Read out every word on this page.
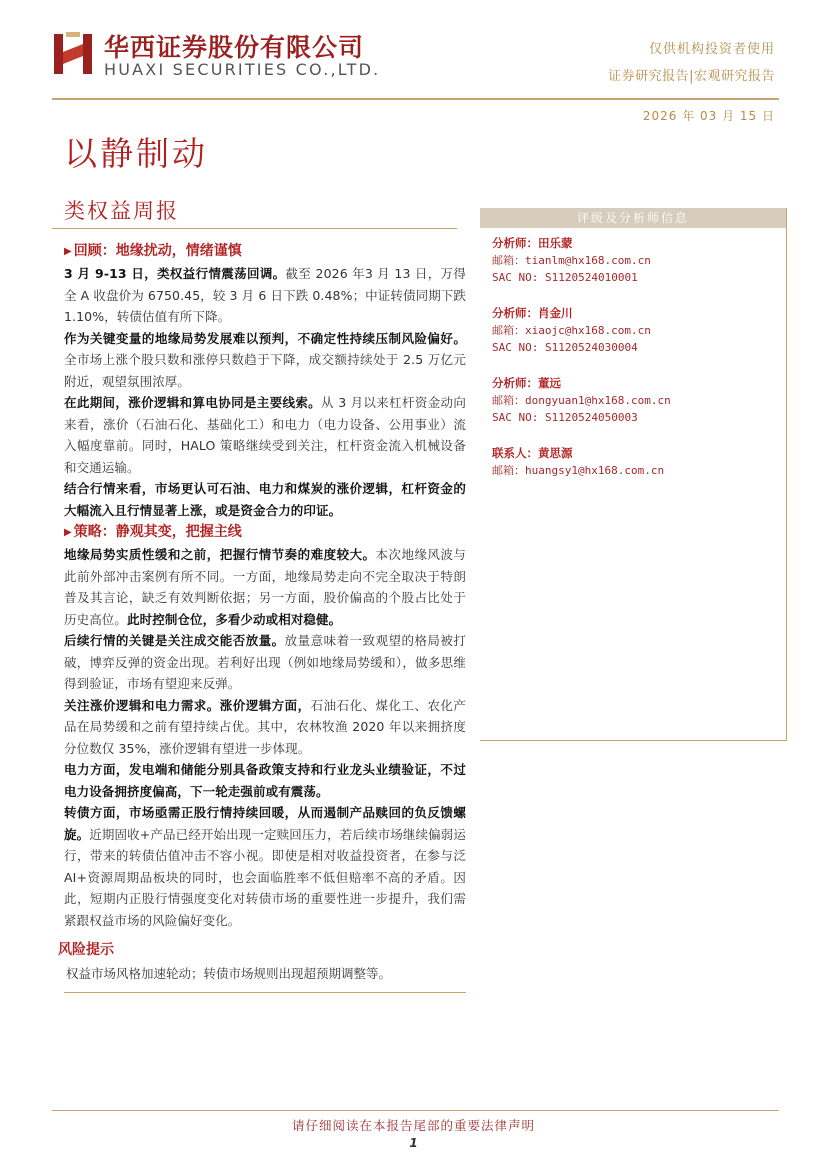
华西证券股份有限公司
HUAXI SECURITIES CO.,LTD.
仅供机构投资者使用
证券研究报告|宏观研究报告
2026 年 03 月 15 日
以静制动
类权益周报

▶ 回顾：地缘扰动，情绪谨慎

3 月 9-13 日，类权益行情震荡回调。截至 2026 年3 月 13 日，万得全 A 收盘价为 6750.45，较 3 月 6 日下跌 0.48%；中证转债同期下跌 1.10%，转债估值有所下降。

作为关键变量的地缘局势发展难以预判，不确定性持续压制风险偏好。全市场上涨个股只数和涨停只数趋于下降，成交额持续处于 2.5 万亿元附近，观望氛围浓厚。

在此期间，涨价逻辑和算电协同是主要线索。从 3 月以来杠杆资金动向来看，涨价（石油石化、基础化工）和电力（电力设备、公用事业）流入幅度靠前。同时，HALO 策略继续受到关注，杠杆资金流入机械设备和交通运输。

结合行情来看，市场更认可石油、电力和煤炭的涨价逻辑，杠杆资金的大幅流入且行情显著上涨，或是资金合力的印证。

▶ 策略：静观其变，把握主线

地缘局势实质性缓和之前，把握行情节奏的难度较大。本次地缘风波与此前外部冲击案例有所不同。一方面，地缘局势走向不完全取决于特朗普及其言论，缺乏有效判断依据；另一方面，股价偏高的个股占比处于历史高位。此时控制仓位，多看少动或相对稳健。

后续行情的关键是关注成交能否放量。放量意味着一致观望的格局被打破，博弈反弹的资金出现。若利好出现（例如地缘局势缓和），做多思维得到验证，市场有望迎来反弹。

关注涨价逻辑和电力需求。涨价逻辑方面，石油石化、煤化工、农化产品在局势缓和之前有望持续占优。其中，农林牧渔 2020 年以来拥挤度分位数仅 35%，涨价逻辑有望进一步体现。

电力方面，发电端和储能分别具备政策支持和行业龙头业绩验证，不过电力设备拥挤度偏高，下一轮走强前或有震荡。

转债方面，市场亟需正股行情持续回暖，从而遏制产品赎回的负反馈螺旋。近期固收+产品已经开始出现一定赎回压力，若后续市场继续偏弱运行，带来的转债估值冲击不容小视。即使是相对收益投资者，在参与泛 AI+资源周期品板块的同时，也会面临胜率不低但赔率不高的矛盾。因此，短期内正股行情强度变化对转债市场的重要性进一步提升，我们需紧跟权益市场的风险偏好变化。

风险提示

权益市场风格加速轮动；转债市场规则出现超预期调整等。

评级及分析师信息
分析师：田乐蒙
邮箱：tianlm@hx168.com.cn
SAC NO: S1120524010001
分析师：肖金川
邮箱：xiaojc@hx168.com.cn
SAC NO: S1120524030004
分析师：董远
邮箱：dongyuan1@hx168.com.cn
SAC NO: S1120524050003
联系人：黄思源
邮箱：huangsy1@hx168.com.cn
请仔细阅读在本报告尾部的重要法律声明
1
